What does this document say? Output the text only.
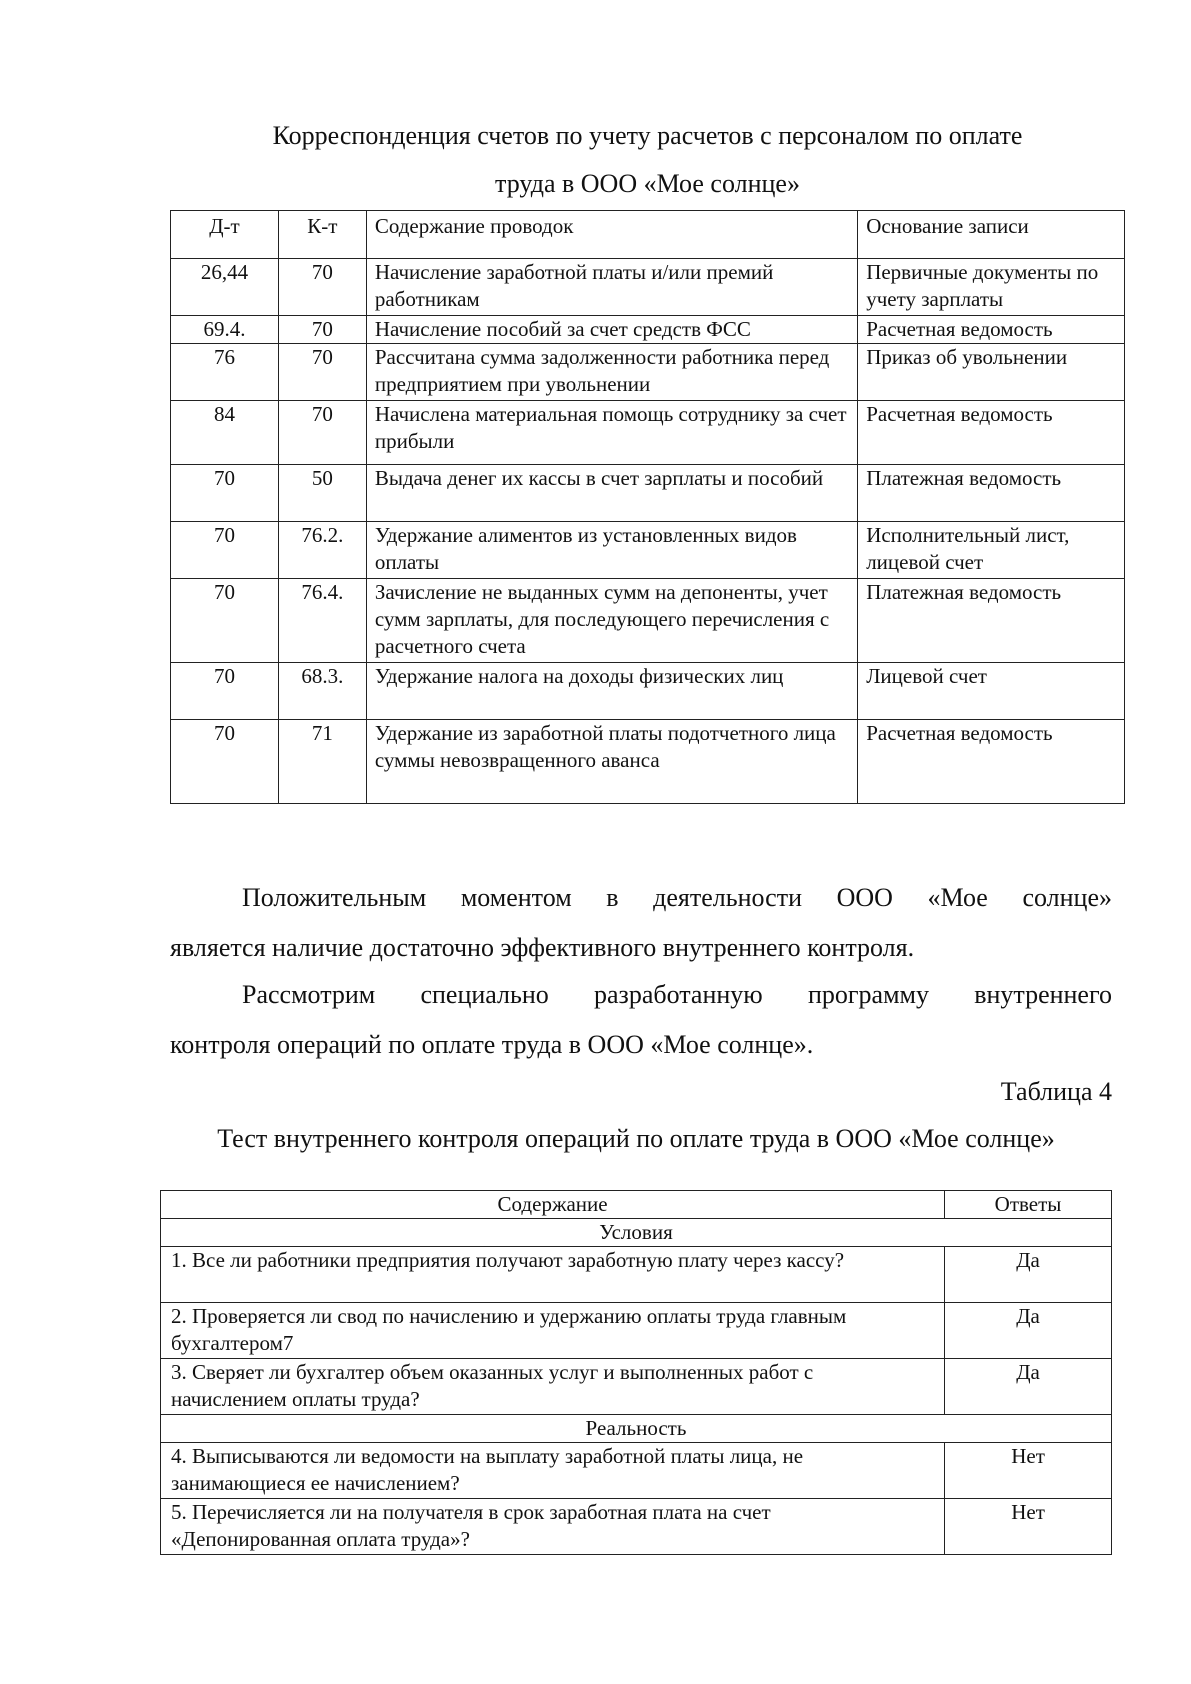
Корреспонденция счетов по учету расчетов с персоналом по оплате
труда в ООО «Мое солнце»
Д-т	К-т	Содержание проводок	Основание записи
26,44	70	Начисление заработной платы и/или премий работникам	Первичные документы по учету зарплаты
69.4.	70	Начисление пособий за счет средств ФСС	Расчетная ведомость
76	70	Рассчитана сумма задолженности работника перед предприятием при увольнении	Приказ об увольнении
84	70	Начислена материальная помощь сотруднику за счет прибыли	Расчетная ведомость
70	50	Выдача денег их кассы в счет зарплаты и пособий	Платежная ведомость
70	76.2.	Удержание алиментов из установленных видов оплаты	Исполнительный лист, лицевой счет
70	76.4.	Зачисление не выданных сумм на депоненты, учет сумм зарплаты, для последующего перечисления с расчетного счета	Платежная ведомость
70	68.3.	Удержание налога на доходы физических лиц	Лицевой счет
70	71	Удержание из заработной платы подотчетного лица суммы невозвращенного аванса	Расчетная ведомость
Положительным моментом в деятельности ООО «Мое солнце»
является наличие достаточно эффективного внутреннего контроля.
Рассмотрим специально разработанную программу внутреннего
контроля операций по оплате труда в ООО «Мое солнце».
Таблица 4
Тест внутреннего контроля операций по оплате труда в ООО «Мое солнце»
Содержание	Ответы
Условия	
1. Все ли работники предприятия получают заработную плату через кассу?	Да
2. Проверяется ли свод по начислению и удержанию оплаты труда главным бухгалтером7	Да
3. Сверяет ли бухгалтер объем оказанных услуг и выполненных работ с начислением оплаты труда?	Да
Реальность	
4. Выписываются ли ведомости на выплату заработной платы лица, не занимающиеся ее начислением?	Нет
5. Перечисляется ли на получателя в срок заработная плата на счет «Депонированная оплата труда»?	Нет
